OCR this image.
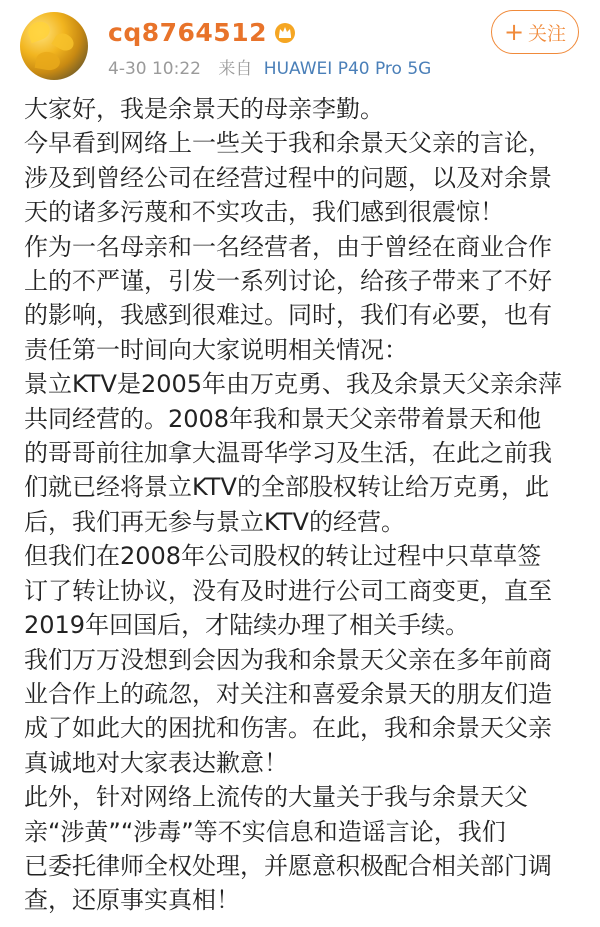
cq8764512
4-30 10:22 来自 HUAWEI P40 Pro 5G
+ 关注
大家好，我是余景天的母亲李勤。
今早看到网络上一些关于我和余景天父亲的言论，
涉及到曾经公司在经营过程中的问题，以及对余景
天的诸多污蔑和不实攻击，我们感到很震惊！
作为一名母亲和一名经营者，由于曾经在商业合作
上的不严谨，引发一系列讨论，给孩子带来了不好
的影响，我感到很难过。同时，我们有必要，也有
责任第一时间向大家说明相关情况：
景立KTV是2005年由万克勇、我及余景天父亲余萍
共同经营的。2008年我和景天父亲带着景天和他
的哥哥前往加拿大温哥华学习及生活，在此之前我
们就已经将景立KTV的全部股权转让给万克勇，此
后，我们再无参与景立KTV的经营。
但我们在2008年公司股权的转让过程中只草草签
订了转让协议，没有及时进行公司工商变更，直至
2019年回国后，才陆续办理了相关手续。
我们万万没想到会因为我和余景天父亲在多年前商
业合作上的疏忽，对关注和喜爱余景天的朋友们造
成了如此大的困扰和伤害。在此，我和余景天父亲
真诚地对大家表达歉意！
此外，针对网络上流传的大量关于我与余景天父
亲“涉黄”“涉毒”等不实信息和造谣言论，我们
已委托律师全权处理，并愿意积极配合相关部门调
查，还原事实真相！
